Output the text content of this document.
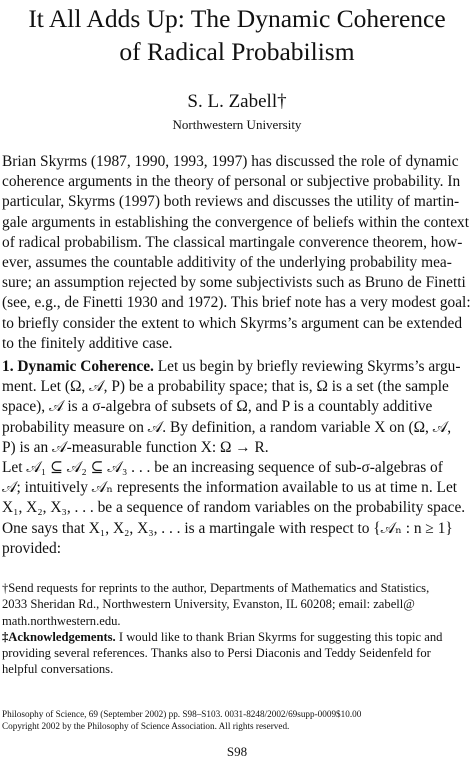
It All Adds Up: The Dynamic Coherence
of Radical Probabilism
S. L. Zabell†
Northwestern University
Brian Skyrms (1987, 1990, 1993, 1997) has discussed the role of dynamic
coherence arguments in the theory of personal or subjective probability. In
particular, Skyrms (1997) both reviews and discusses the utility of martin-
gale arguments in establishing the convergence of beliefs within the context
of radical probabilism. The classical martingale converence theorem, how-
ever, assumes the countable additivity of the underlying probability mea-
sure; an assumption rejected by some subjectivists such as Bruno de Finetti
(see, e.g., de Finetti 1930 and 1972). This brief note has a very modest goal:
to briefly consider the extent to which Skyrms’s argument can be extended
to the finitely additive case.
1. Dynamic Coherence. Let us begin by briefly reviewing Skyrms’s argu-
ment. Let (Ω, 𝒜, P) be a probability space; that is, Ω is a set (the sample
space), 𝒜 is a σ-algebra of subsets of Ω, and P is a countably additive
probability measure on 𝒜. By definition, a random variable X on (Ω, 𝒜,
P) is an 𝒜-measurable function X: Ω → R.
Let 𝒜₁ ⊆ 𝒜₂ ⊆ 𝒜₃ . . . be an increasing sequence of sub-σ-algebras of
𝒜; intuitively 𝒜ₙ represents the information available to us at time n. Let
X₁, X₂, X₃, . . . be a sequence of random variables on the probability space.
One says that X₁, X₂, X₃, . . . is a martingale with respect to {𝒜ₙ : n ≥ 1}
provided:
†Send requests for reprints to the author, Departments of Mathematics and Statistics,
2033 Sheridan Rd., Northwestern University, Evanston, IL 60208; email: zabell@
math.northwestern.edu.
‡Acknowledgements. I would like to thank Brian Skyrms for suggesting this topic and
providing several references. Thanks also to Persi Diaconis and Teddy Seidenfeld for
helpful conversations.
Philosophy of Science, 69 (September 2002) pp. S98–S103. 0031-8248/2002/69supp-0009$10.00
Copyright 2002 by the Philosophy of Science Association. All rights reserved.
S98
